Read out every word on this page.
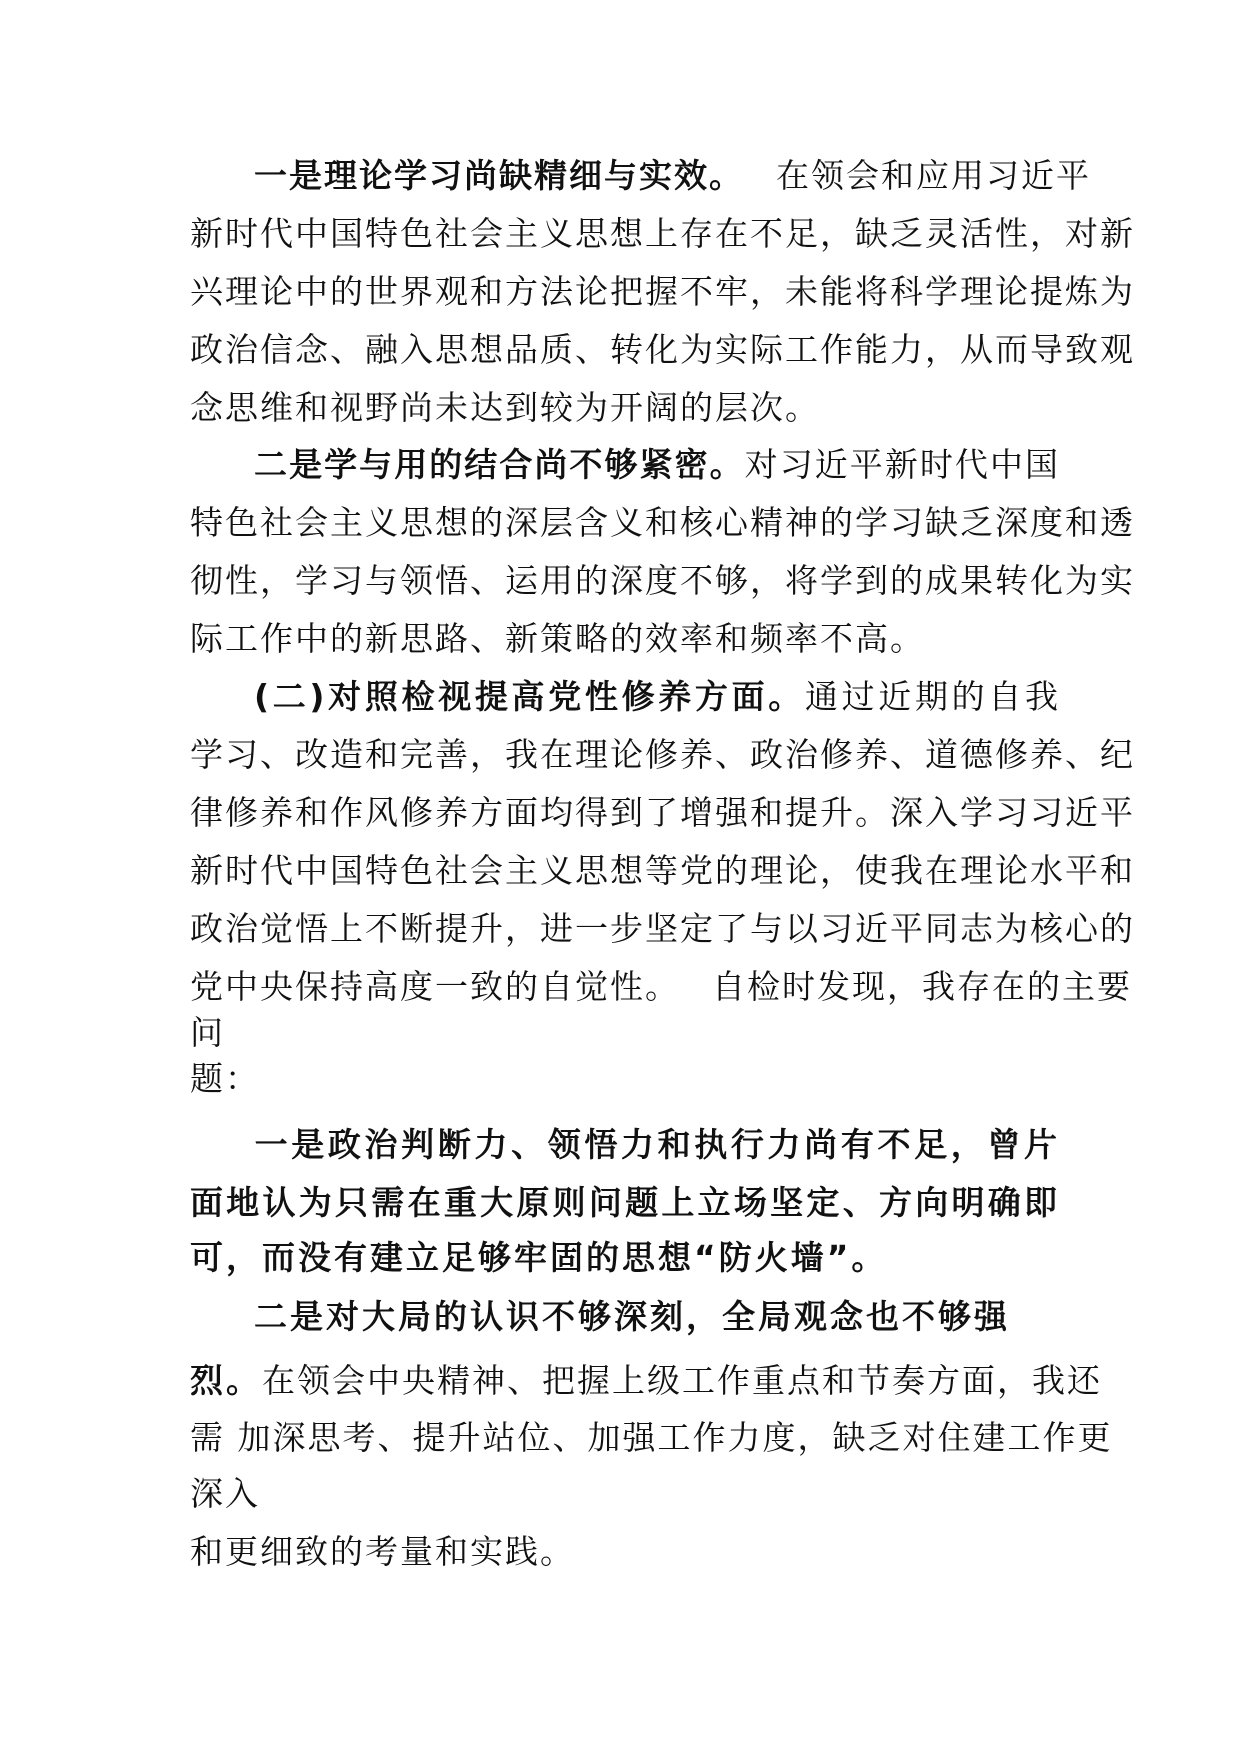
一是理论学习尚缺精细与实效。 在领会和应用习近平
新时代中国特色社会主义思想上存在不足，缺乏灵活性，对新
兴理论中的世界观和方法论把握不牢，未能将科学理论提炼为
政治信念、融入思想品质、转化为实际工作能力，从而导致观
念思维和视野尚未达到较为开阔的层次。
二是学与用的结合尚不够紧密。对习近平新时代中国
特色社会主义思想的深层含义和核心精神的学习缺乏深度和透
彻性，学习与领悟、运用的深度不够，将学到的成果转化为实
际工作中的新思路、新策略的效率和频率不高。
(二)对照检视提高党性修养方面。通过近期的自我
学习、改造和完善，我在理论修养、政治修养、道德修养、纪
律修养和作风修养方面均得到了增强和提升。深入学习习近平
新时代中国特色社会主义思想等党的理论，使我在理论水平和
政治觉悟上不断提升，进一步坚定了与以习近平同志为核心的
党中央保持高度一致的自觉性。 自检时发现，我存在的主要
问
题：
一是政治判断力、领悟力和执行力尚有不足，曾片
面地认为只需在重大原则问题上立场坚定、方向明确即
可，而没有建立足够牢固的思想“防火墙”。
二是对大局的认识不够深刻，全局观念也不够强
烈。在领会中央精神、把握上级工作重点和节奏方面，我还
需 加深思考、提升站位、加强工作力度，缺乏对住建工作更
深入
和更细致的考量和实践。
